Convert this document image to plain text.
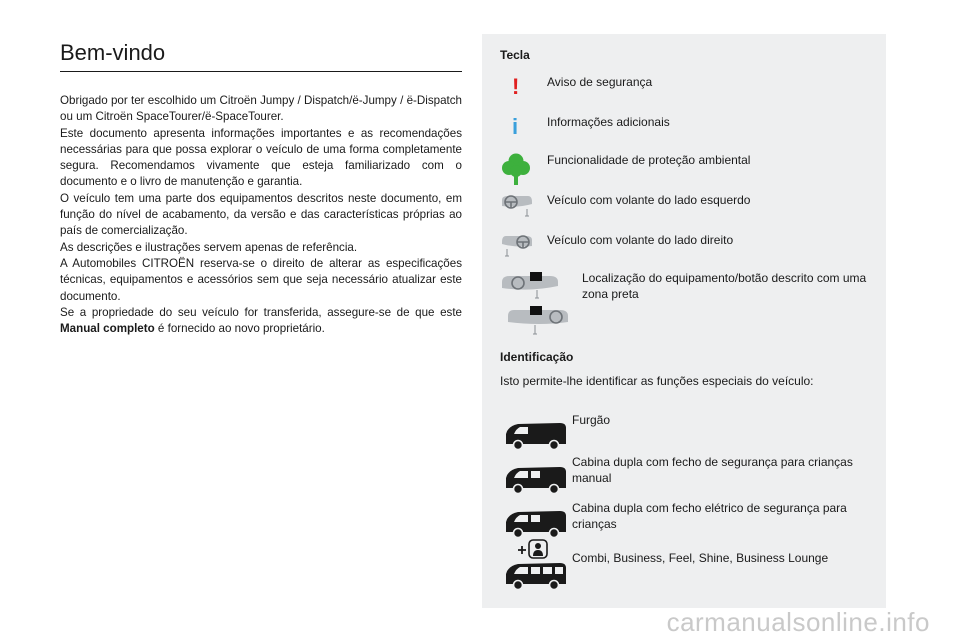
Bem-vindo

Obrigado por ter escolhido um Citroën Jumpy / Dispatch/ë-Jumpy / ë-Dispatch ou um Citroën SpaceTourer/ë-SpaceTourer.

Este documento apresenta informações importantes e as recomendações necessárias para que possa explorar o veículo de uma forma completamente segura. Recomendamos vivamente que esteja familiarizado com o documento e o livro de manutenção e garantia.

O veículo tem uma parte dos equipamentos descritos neste documento, em função do nível de acabamento, da versão e das características próprias ao país de comercialização.

As descrições e ilustrações servem apenas de referência.

A Automobiles CITROËN reserva-se o direito de alterar as especificações técnicas, equipamentos e acessórios sem que seja necessário atualizar este documento.

Se a propriedade do seu veículo for transferida, assegure-se de que este Manual completo é fornecido ao novo proprietário.

Tecla
! Aviso de segurança
i Informações adicionais
Funcionalidade de proteção ambiental
Veículo com volante do lado esquerdo
Veículo com volante do lado direito
Localização do equipamento/botão descrito com uma zona preta
Identificação
Isto permite-lhe identificar as funções especiais do veículo:
Furgão
Cabina dupla com fecho de segurança para crianças manual
Cabina dupla com fecho elétrico de segurança para crianças
Combi, Business, Feel, Shine, Business Lounge
carmanualsonline.info
